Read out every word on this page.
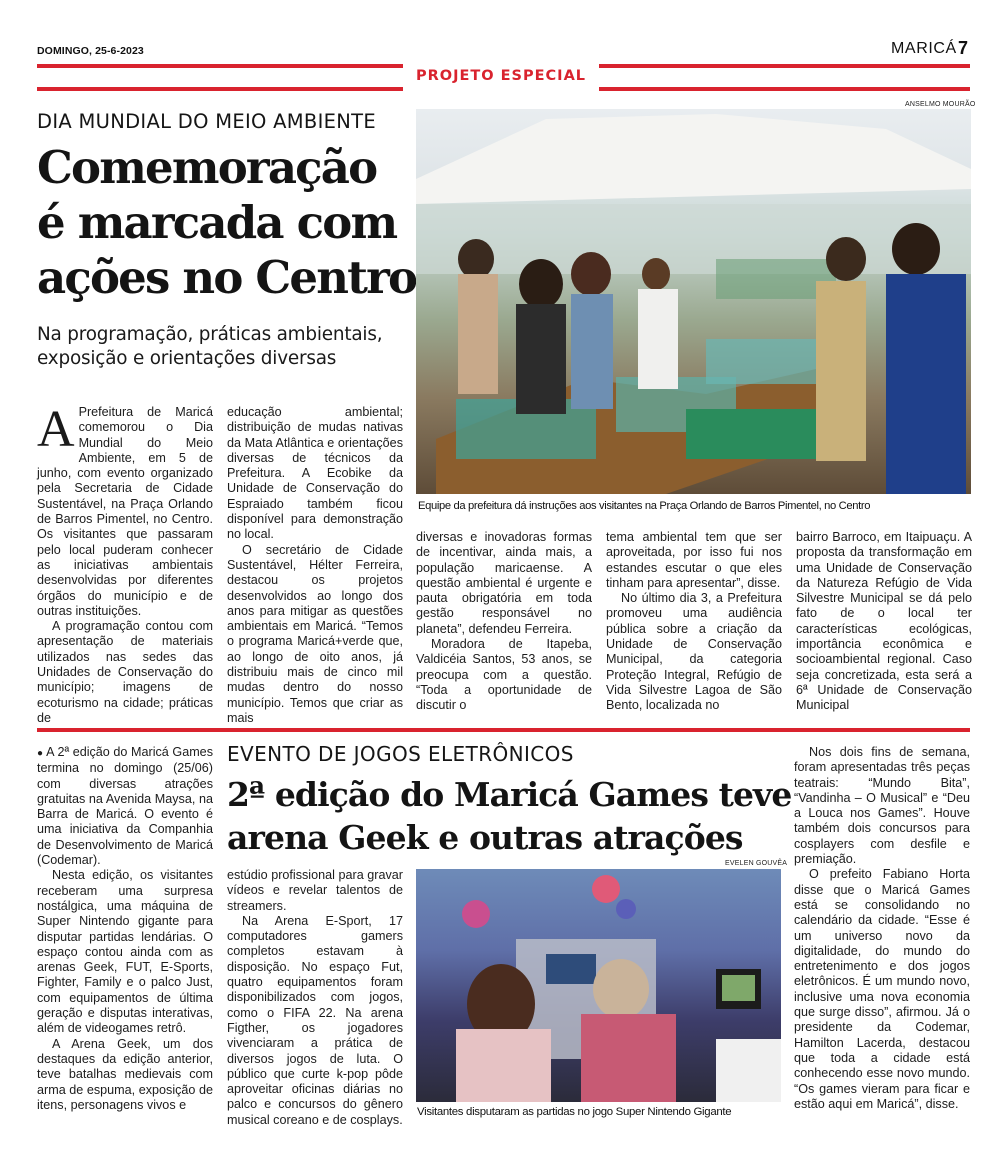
DOMINGO, 25-6-2023	MARICÁ 7
PROJETO ESPECIAL
DIA MUNDIAL DO MEIO AMBIENTE
Comemoração
é marcada com
ações no Centro
Na programação, práticas ambientais,
exposição e orientações diversas
ANSELMO MOURÃO
Equipe da prefeitura dá instruções aos visitantes na Praça Orlando de Barros Pimentel, no Centro
A Prefeitura de Maricá comemorou o Dia Mundial do Meio Ambiente, em 5 de junho, com evento organizado pela Secretaria de Cidade Sustentável, na Praça Orlando de Barros Pimentel, no Centro. Os visitantes que passaram pelo local puderam conhecer as iniciativas ambientais desenvolvidas por diferentes órgãos do município e de outras instituições.

A programação contou com apresentação de materiais utilizados nas sedes das Unidades de Conservação do município; imagens de ecoturismo na cidade; práticas de

educação ambiental; distribuição de mudas nativas da Mata Atlântica e orientações diversas de técnicos da Prefeitura. A Ecobike da Unidade de Conservação do Espraiado também ficou disponível para demonstração no local.

O secretário de Cidade Sustentável, Hélter Ferreira, destacou os projetos desenvolvidos ao longo dos anos para mitigar as questões ambientais em Maricá. “Temos o programa Maricá+verde que, ao longo de oito anos, já distribuiu mais de cinco mil mudas dentro do nosso município. Temos que criar as mais

diversas e inovadoras formas de incentivar, ainda mais, a população maricaense. A questão ambiental é urgente e pauta obrigatória em toda gestão responsável no planeta”, defendeu Ferreira.

Moradora de Itapeba, Valdicéia Santos, 53 anos, se preocupa com a questão. “Toda a oportunidade de discutir o

tema ambiental tem que ser aproveitada, por isso fui nos estandes escutar o que eles tinham para apresentar”, disse.

No último dia 3, a Prefeitura promoveu uma audiência pública sobre a criação da Unidade de Conservação Municipal, da categoria Proteção Integral, Refúgio de Vida Silvestre Lagoa de São Bento, localizada no

bairro Barroco, em Itaipuaçu. A proposta da transformação em uma Unidade de Conservação da Natureza Refúgio de Vida Silvestre Municipal se dá pelo fato de o local ter características ecológicas, importância econômica e socioambiental regional. Caso seja concretizada, esta será a 6ª Unidade de Conservação Municipal

● A 2ª edição do Maricá Games termina no domingo (25/06) com diversas atrações gratuitas na Avenida Maysa, na Barra de Maricá. O evento é uma iniciativa da Companhia de Desenvolvimento de Maricá (Codemar).

Nesta edição, os visitantes receberam uma surpresa nostálgica, uma máquina de Super Nintendo gigante para disputar partidas lendárias. O espaço contou ainda com as arenas Geek, FUT, E-Sports, Fighter, Family e o palco Just, com equipamentos de última geração e disputas interativas, além de videogames retrô.

A Arena Geek, um dos destaques da edição anterior, teve batalhas medievais com arma de espuma, exposição de itens, personagens vivos e

EVENTO DE JOGOS ELETRÔNICOS
2ª edição do Maricá Games teve
arena Geek e outras atrações
EVELEN GOUVÊA

estúdio profissional para gravar vídeos e revelar talentos de streamers.

Na Arena E-Sport, 17 computadores gamers completos estavam à disposição. No espaço Fut, quatro equipamentos foram disponibilizados com jogos, como o FIFA 22. Na arena Figther, os jogadores vivenciaram a prática de diversos jogos de luta. O público que curte k-pop pôde aproveitar oficinas diárias no palco e concursos do gênero musical coreano e de cosplays.

Visitantes disputaram as partidas no jogo Super Nintendo Gigante

Nos dois fins de semana, foram apresentadas três peças teatrais: “Mundo Bita”, “Vandinha – O Musical” e “Deu a Louca nos Games”. Houve também dois concursos para cosplayers com desfile e premiação.

O prefeito Fabiano Horta disse que o Maricá Games está se consolidando no calendário da cidade. “Esse é um universo novo da digitalidade, do mundo do entretenimento e dos jogos eletrônicos. É um mundo novo, inclusive uma nova economia que surge disso”, afirmou. Já o presidente da Codemar, Hamilton Lacerda, destacou que toda a cidade está conhecendo esse novo mundo. “Os games vieram para ficar e estão aqui em Maricá”, disse.
